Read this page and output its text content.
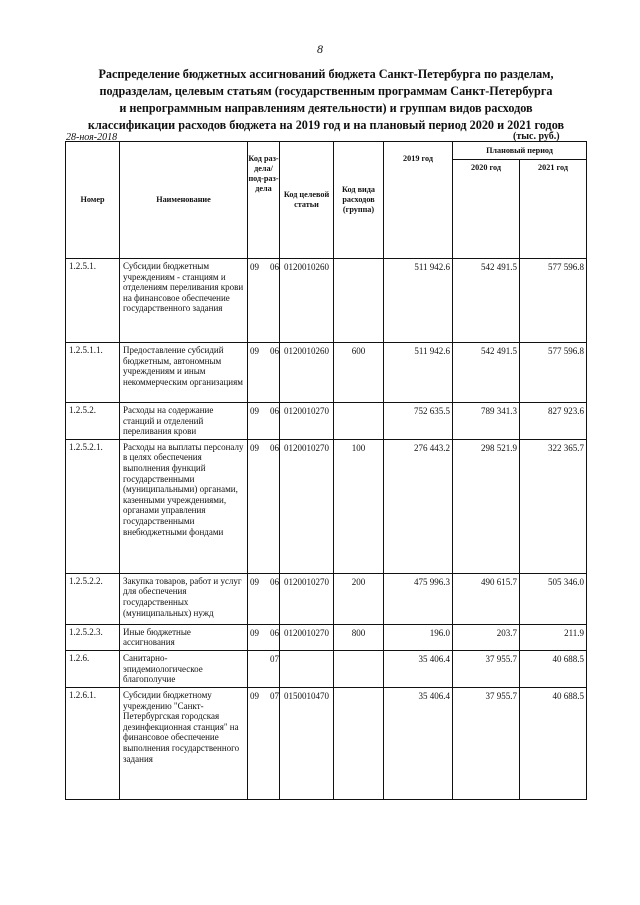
8
Распределение бюджетных ассигнований бюджета Санкт-Петербурга по разделам,
подразделам, целевым статьям (государственным программам Санкт-Петербурга
и непрограммным направлениям деятельности) и группам видов расходов
классификации расходов бюджета на 2019 год и на плановый период 2020 и 2021 годов
28-ноя-2018	(тыс. руб.)
Номер	Наименование	Код раз-дела/ под-раз-дела	Код целевой статьи	Код вида расходов (группа)	2019 год	Плановый период	
						2020 год	2021 год
1.2.5.1.	Субсидии бюджетным учреждениям - станциям и отделениям переливания крови на финансовое обеспечение государственного задания	09 06	0120010260		511 942.6	542 491.5	577 596.8
1.2.5.1.1.	Предоставление субсидий бюджетным, автономным учреждениям и иным некоммерческим организациям	09 06	0120010260	600	511 942.6	542 491.5	577 596.8
1.2.5.2.	Расходы на содержание станций и отделений переливания крови	09 06	0120010270		752 635.5	789 341.3	827 923.6
1.2.5.2.1.	Расходы на выплаты персоналу в целях обеспечения выполнения функций государственными (муниципальными) органами, казенными учреждениями, органами управления государственными внебюджетными фондами	09 06	0120010270	100	276 443.2	298 521.9	322 365.7
1.2.5.2.2.	Закупка товаров, работ и услуг для обеспечения государственных (муниципальных) нужд	09 06	0120010270	200	475 996.3	490 615.7	505 346.0
1.2.5.2.3.	Иные бюджетные ассигнования	09 06	0120010270	800	196.0	203.7	211.9
1.2.6.	Санитарно-эпидемиологическое благополучие	07			35 406.4	37 955.7	40 688.5
1.2.6.1.	Субсидии бюджетному учреждению "Санкт-Петербургская городская дезинфекционная станция" на финансовое обеспечение выполнения государственного задания	09 07	0150010470		35 406.4	37 955.7	40 688.5
